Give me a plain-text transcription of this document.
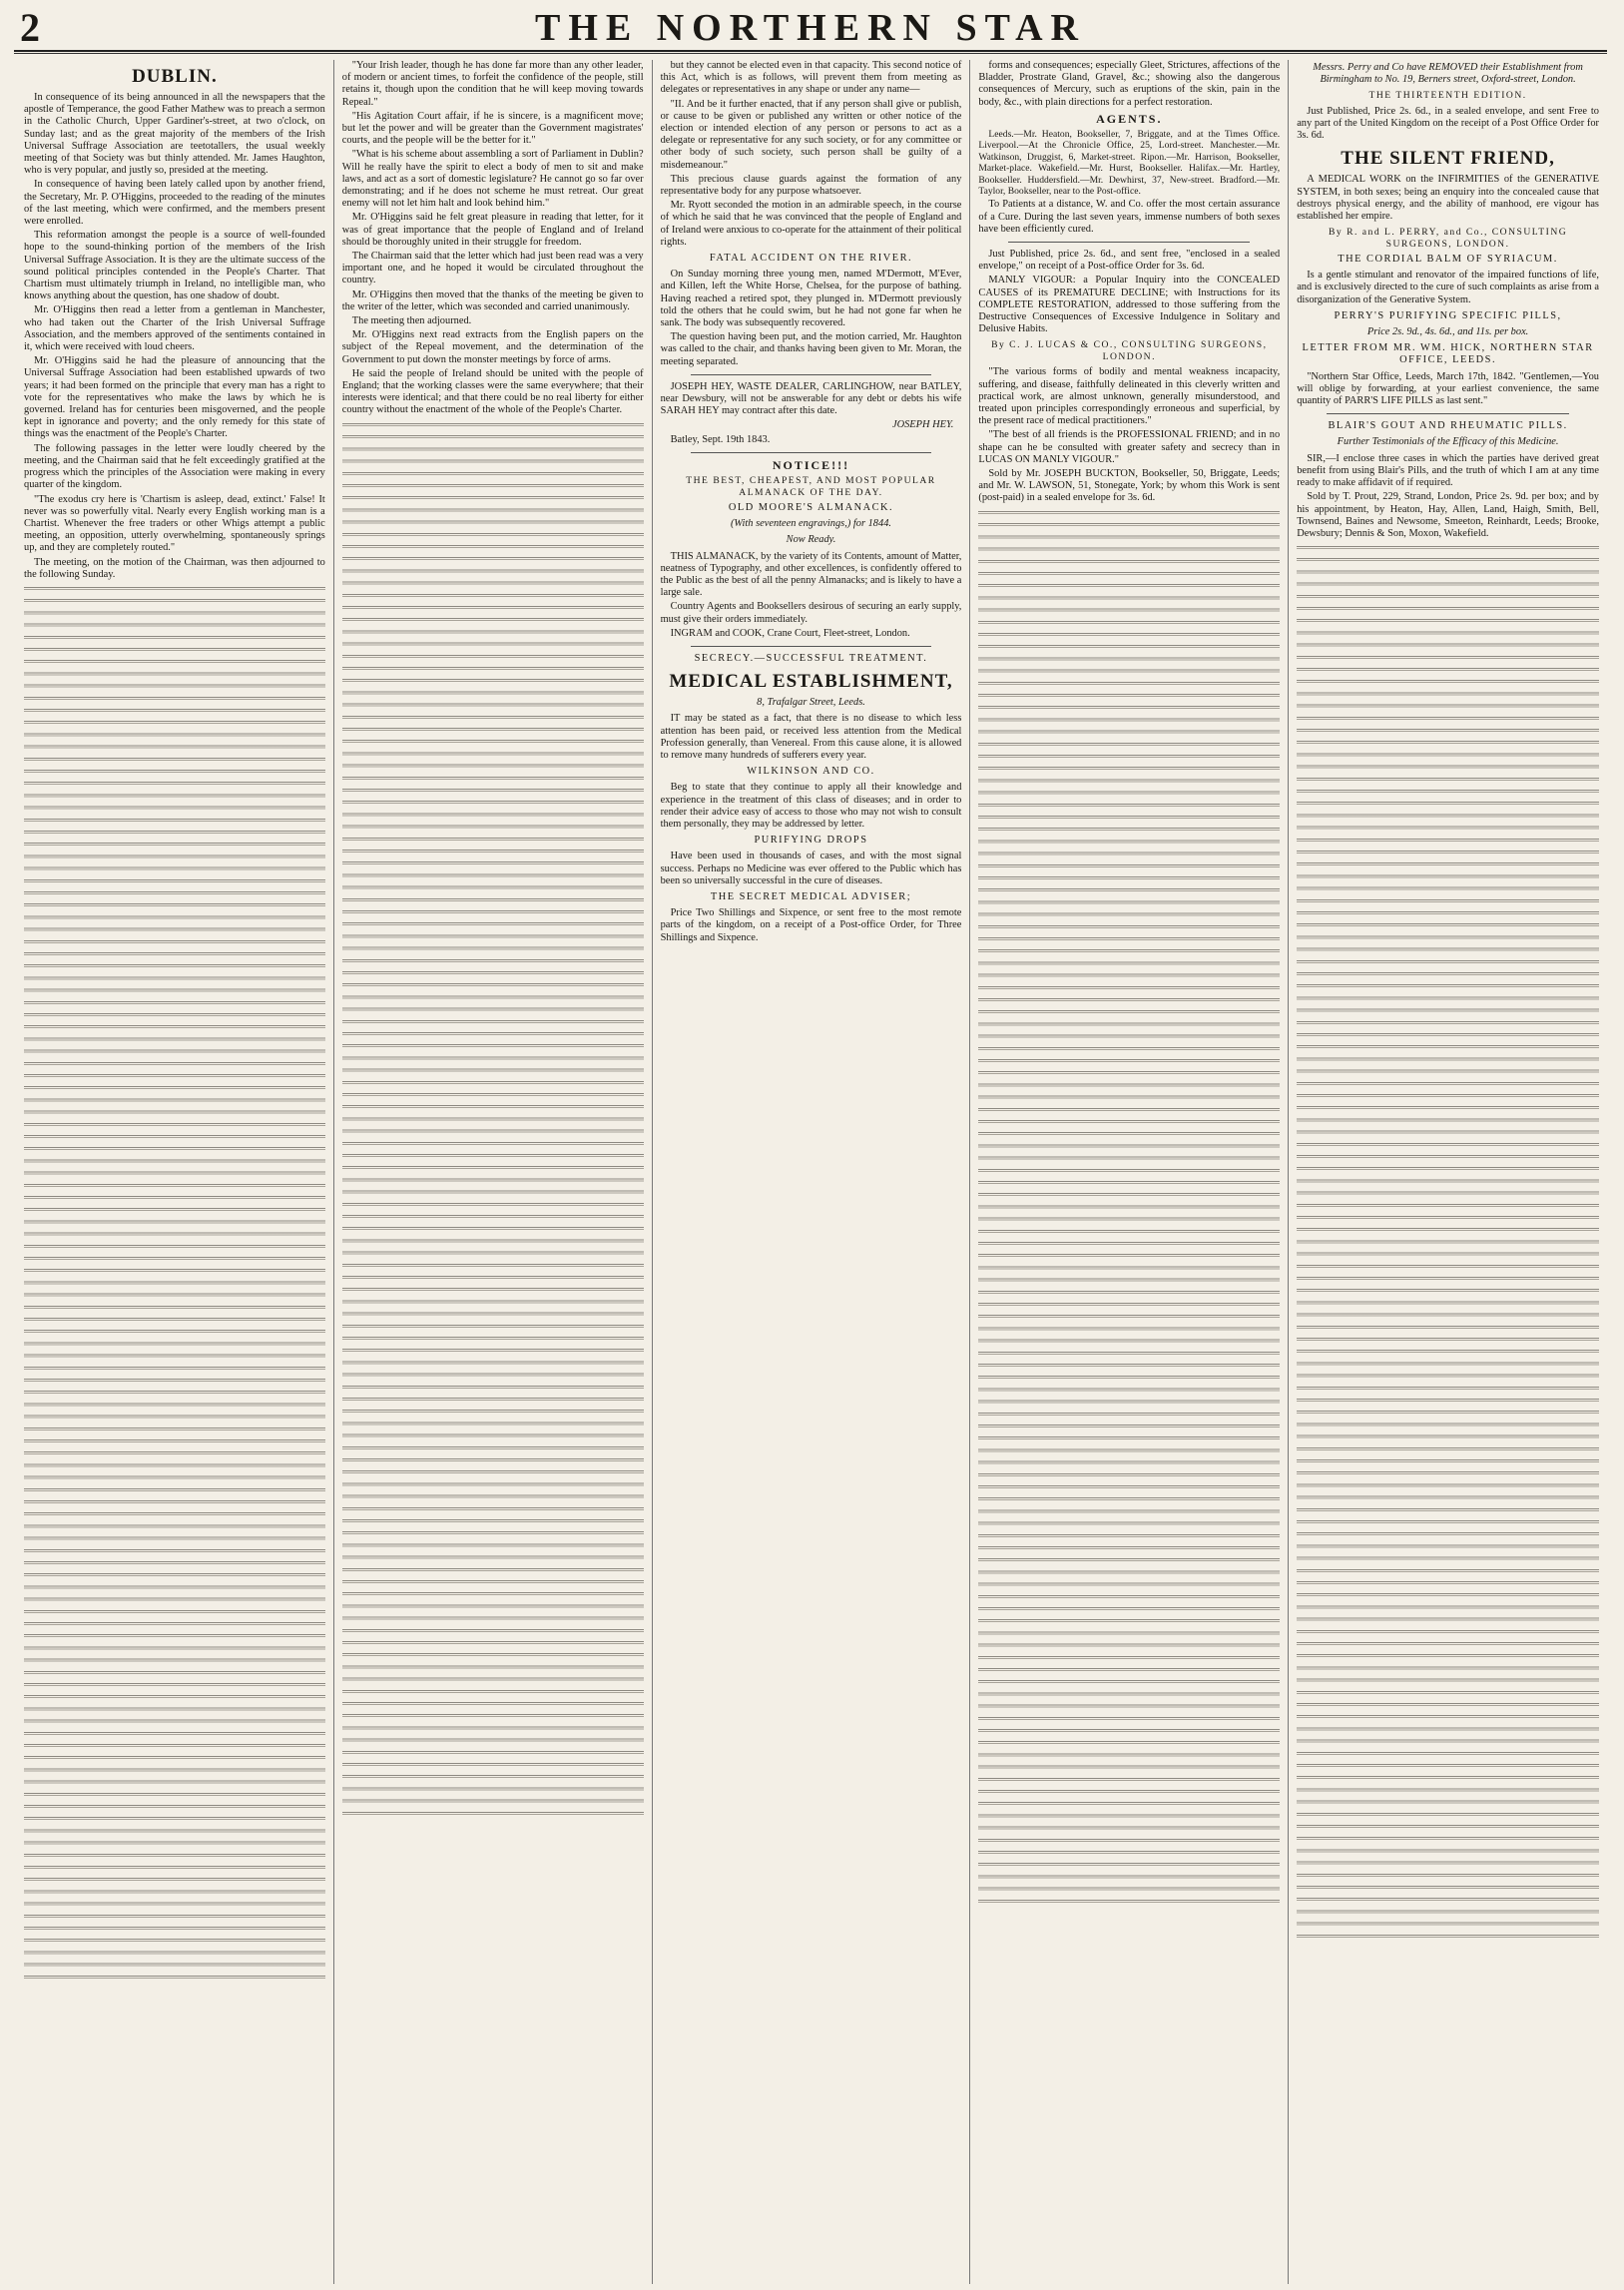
2	THE NORTHERN STAR

DUBLIN.

In consequence of its being announced in all the newspapers that the apostle of Temperance, the good Father Mathew was to preach a sermon in the Catholic Church, Upper Gardiner's-street, at two o'clock, on Sunday last; and as the great majority of the members of the Irish Universal Suffrage Association are teetotallers, the usual weekly meeting of that Society was but thinly attended. Mr. James Haughton, who is very popular, and justly so, presided at the meeting.

In consequence of having been lately called upon by another friend, the Secretary, Mr. P. O'Higgins, proceeded to the reading of the minutes of the last meeting, which were confirmed, and the members present were enrolled.

This reformation amongst the people is a source of well-founded hope to the sound-thinking portion of the members of the Irish Universal Suffrage Association. It is they are the ultimate success of the sound political principles contended in the People's Charter. That Chartism must ultimately triumph in Ireland, no intelligible man, who knows anything about the question, has one shadow of doubt.

Mr. O'Higgins then read a letter from a gentleman in Manchester, who had taken out the Charter of the Irish Universal Suffrage Association, and the members approved of the sentiments contained in it, which were received with loud cheers.

Mr. O'Higgins said he had the pleasure of announcing that the Universal Suffrage Association had been established upwards of two years; it had been formed on the principle that every man has a right to vote for the representatives who make the laws by which he is governed. Ireland has for centuries been misgoverned, and the people kept in ignorance and poverty; and the only remedy for this state of things was the enactment of the People's Charter.

The following passages in the letter were loudly cheered by the meeting, and the Chairman said that he felt exceedingly gratified at the progress which the principles of the Association were making in every quarter of the kingdom.

"The exodus cry here is 'Chartism is asleep, dead, extinct.' False! It never was so powerfully vital. Nearly every English working man is a Chartist. Whenever the free traders or other Whigs attempt a public meeting, an opposition, utterly overwhelming, spontaneously springs up, and they are completely routed."

The meeting, on the motion of the Chairman, was then adjourned to the following Sunday.

"Your Irish leader, though he has done far more than any other leader, of modern or ancient times, to forfeit the confidence of the people, still retains it, though upon the condition that he will keep moving towards Repeal."

"His Agitation Court affair, if he is sincere, is a magnificent move; but let the power and will be greater than the Government magistrates' courts, and the people will be the better for it."

"What is his scheme about assembling a sort of Parliament in Dublin? Will he really have the spirit to elect a body of men to sit and make laws, and act as a sort of domestic legislature? He cannot go so far over demonstrating; and if he does not scheme he must retreat. Our great enemy will not let him halt and look behind him."

Mr. O'Higgins said he felt great pleasure in reading that letter, for it was of great importance that the people of England and of Ireland should be thoroughly united in their struggle for freedom.

The Chairman said that the letter which had just been read was a very important one, and he hoped it would be circulated throughout the country.

Mr. O'Higgins then moved that the thanks of the meeting be given to the writer of the letter, which was seconded and carried unanimously.

The meeting then adjourned.

Mr. O'Higgins next read extracts from the English papers on the subject of the Repeal movement, and the determination of the Government to put down the monster meetings by force of arms.

He said the people of Ireland should be united with the people of England; that the working classes were the same everywhere; that their interests were identical; and that there could be no real liberty for either country without the enactment of the whole of the People's Charter.

but they cannot be elected even in that capacity. This second notice of this Act, which is as follows, will prevent them from meeting as delegates or representatives in any shape or under any name—

"II. And be it further enacted, that if any person shall give or publish, or cause to be given or published any written or other notice of the election or intended election of any person or persons to act as a delegate or representative for any such society, or for any committee or other body of such society, such person shall be guilty of a misdemeanour."

This precious clause guards against the formation of any representative body for any purpose whatsoever.

Mr. Ryott seconded the motion in an admirable speech, in the course of which he said that he was convinced that the people of England and of Ireland were anxious to co-operate for the attainment of their political rights.

FATAL ACCIDENT ON THE RIVER.

On Sunday morning three young men, named M'Dermott, M'Ever, and Killen, left the White Horse, Chelsea, for the purpose of bathing. Having reached a retired spot, they plunged in. M'Dermott previously told the others that he could swim, but he had not gone far when he sank. The body was subsequently recovered.

The question having been put, and the motion carried, Mr. Haughton was called to the chair, and thanks having been given to Mr. Moran, the meeting separated.

JOSEPH HEY, WASTE DEALER, CARLINGHOW, near BATLEY, near Dewsbury, will not be answerable for any debt or debts his wife SARAH HEY may contract after this date.

JOSEPH HEY.

Batley, Sept. 19th 1843.

NOTICE!!!

THE BEST, CHEAPEST, AND MOST POPULAR ALMANACK OF THE DAY.

OLD MOORE'S ALMANACK.

(With seventeen engravings,) for 1844.

Now Ready.

THIS ALMANACK, by the variety of its Contents, amount of Matter, neatness of Typography, and other excellences, is confidently offered to the Public as the best of all the penny Almanacks; and is likely to have a large sale.

Country Agents and Booksellers desirous of securing an early supply, must give their orders immediately.

INGRAM and COOK, Crane Court, Fleet-street, London.

SECRECY.—SUCCESSFUL TREATMENT.

MEDICAL ESTABLISHMENT,

8, Trafalgar Street, Leeds.

IT may be stated as a fact, that there is no disease to which less attention has been paid, or received less attention from the Medical Profession generally, than Venereal. From this cause alone, it is allowed to remove many hundreds of sufferers every year.

WILKINSON AND CO.

Beg to state that they continue to apply all their knowledge and experience in the treatment of this class of diseases; and in order to render their advice easy of access to those who may not wish to consult them personally, they may be addressed by letter.

PURIFYING DROPS

Have been used in thousands of cases, and with the most signal success. Perhaps no Medicine was ever offered to the Public which has been so universally successful in the cure of diseases.

THE SECRET MEDICAL ADVISER;

Price Two Shillings and Sixpence, or sent free to the most remote parts of the kingdom, on a receipt of a Post-office Order, for Three Shillings and Sixpence.

forms and consequences; especially Gleet, Strictures, affections of the Bladder, Prostrate Gland, Gravel, &c.; showing also the dangerous consequences of Mercury, such as eruptions of the skin, pain in the body, &c., with plain directions for a perfect restoration.

AGENTS.

Leeds.—Mr. Heaton, Bookseller, 7, Briggate, and at the Times Office. Liverpool.—At the Chronicle Office, 25, Lord-street. Manchester.—Mr. Watkinson, Druggist, 6, Market-street. Ripon.—Mr. Harrison, Bookseller, Market-place. Wakefield.—Mr. Hurst, Bookseller. Halifax.—Mr. Hartley, Bookseller. Huddersfield.—Mr. Dewhirst, 37, New-street. Bradford.—Mr. Taylor, Bookseller, near to the Post-office.

To Patients at a distance, W. and Co. offer the most certain assurance of a Cure. During the last seven years, immense numbers of both sexes have been efficiently cured.

Just Published, price 2s. 6d., and sent free, "enclosed in a sealed envelope," on receipt of a Post-office Order for 3s. 6d.

MANLY VIGOUR: a Popular Inquiry into the CONCEALED CAUSES of its PREMATURE DECLINE; with Instructions for its COMPLETE RESTORATION, addressed to those suffering from the Destructive Consequences of Excessive Indulgence in Solitary and Delusive Habits.

By C. J. LUCAS & CO., CONSULTING SURGEONS, LONDON.

"The various forms of bodily and mental weakness incapacity, suffering, and disease, faithfully delineated in this cleverly written and practical work, are almost unknown, generally misunderstood, and treated upon principles correspondingly erroneous and superficial, by the present race of medical practitioners."

"The best of all friends is the PROFESSIONAL FRIEND; and in no shape can he be consulted with greater safety and secrecy than in LUCAS ON MANLY VIGOUR."

Sold by Mr. JOSEPH BUCKTON, Bookseller, 50, Briggate, Leeds; and Mr. W. LAWSON, 51, Stonegate, York; by whom this Work is sent (post-paid) in a sealed envelope for 3s. 6d.

Messrs. Perry and Co have REMOVED their Establishment from Birmingham to No. 19, Berners street, Oxford-street, London.

THE THIRTEENTH EDITION.

Just Published, Price 2s. 6d., in a sealed envelope, and sent Free to any part of the United Kingdom on the receipt of a Post Office Order for 3s. 6d.

THE SILENT FRIEND,

A MEDICAL WORK on the INFIRMITIES of the GENERATIVE SYSTEM, in both sexes; being an enquiry into the concealed cause that destroys physical energy, and the ability of manhood, ere vigour has established her empire.

By R. and L. PERRY, and Co., CONSULTING SURGEONS, LONDON.

THE CORDIAL BALM OF SYRIACUM.

Is a gentle stimulant and renovator of the impaired functions of life, and is exclusively directed to the cure of such complaints as arise from a disorganization of the Generative System.

PERRY'S PURIFYING SPECIFIC PILLS,

Price 2s. 9d., 4s. 6d., and 11s. per box.

LETTER FROM MR. WM. HICK, NORTHERN STAR OFFICE, LEEDS.

"Northern Star Office, Leeds, March 17th, 1842. "Gentlemen,—You will oblige by forwarding, at your earliest convenience, the same quantity of PARR'S LIFE PILLS as last sent."

BLAIR'S GOUT AND RHEUMATIC PILLS.

Further Testimonials of the Efficacy of this Medicine.

SIR,—I enclose three cases in which the parties have derived great benefit from using Blair's Pills, and the truth of which I am at any time ready to make affidavit of if required.

Sold by T. Prout, 229, Strand, London, Price 2s. 9d. per box; and by his appointment, by Heaton, Hay, Allen, Land, Haigh, Smith, Bell, Townsend, Baines and Newsome, Smeeton, Reinhardt, Leeds; Brooke, Dewsbury; Dennis & Son, Moxon, Wakefield.
